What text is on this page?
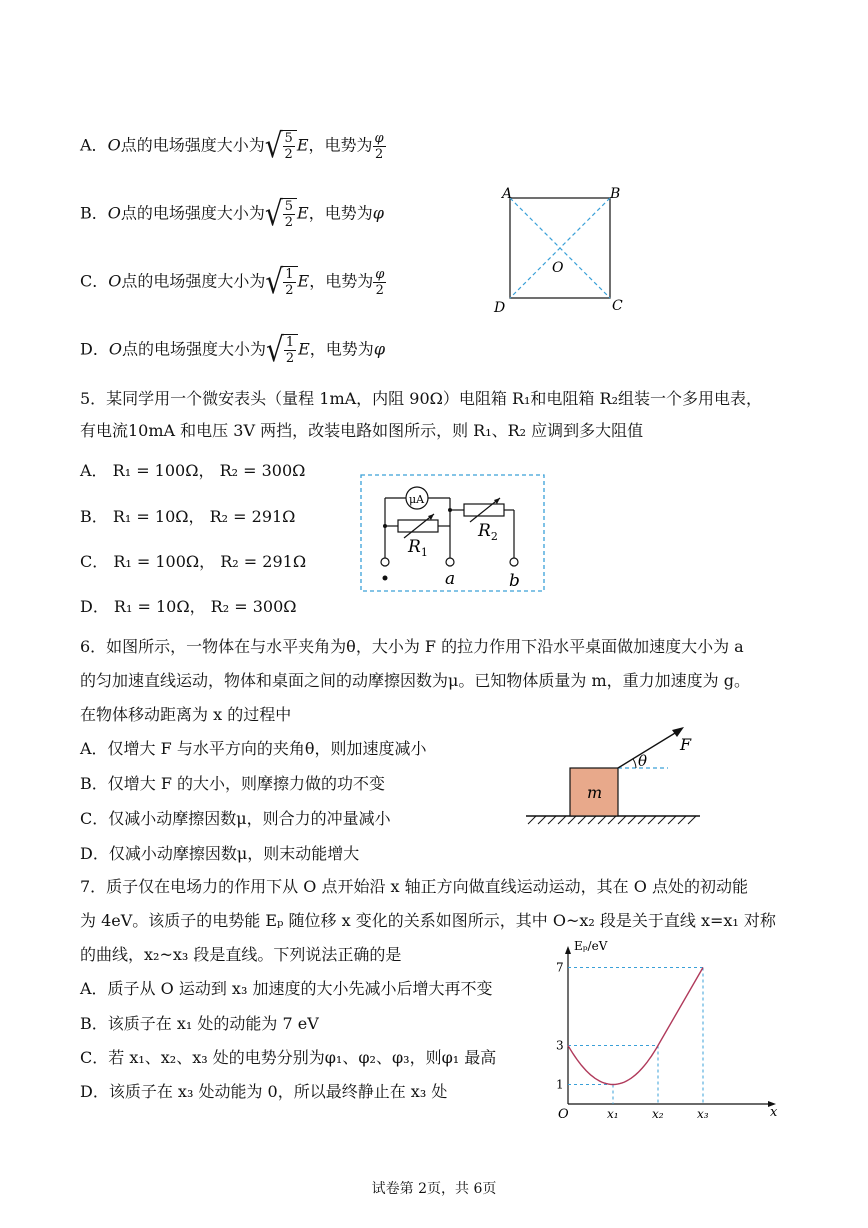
A．O点的电场强度大小为√
$\frac{5}{2}$ E，电势为 $\frac{\varphi}{2}$
B．O点的电场强度大小为√
$\frac{5}{2}$ E，电势为φ
C．O点的电场强度大小为√
$\frac{1}{2}$ E，电势为 $\frac{\varphi}{2}$
D．O点的电场强度大小为√
$\frac{1}{2}$ E，电势为φ
A	B
C
D
O
5．某同学用一个微安表头（量程 1mA，内阻 90Ω）电阻箱 R₁和电阻箱 R₂组装一个多用电表，
有电流10mA 和电压 3V 两挡，改装电路如图所示，则 R₁、R₂ 应调到多大阻值
A． R₁ = 100Ω， R₂ = 300Ω
B． R₁ = 10Ω， R₂ = 291Ω
C． R₁ = 100Ω， R₂ = 291Ω
D． R₁ = 10Ω， R₂ = 300Ω
μA
$R_1$
$R_2$
a	b
6．如图所示，一物体在与水平夹角为θ，大小为 F 的拉力作用下沿水平桌面做加速度大小为 a
的匀加速直线运动，物体和桌面之间的动摩擦因数为μ。已知物体质量为 m，重力加速度为 g。
在物体移动距离为 x 的过程中
A．仅增大 F 与水平方向的夹角θ，则加速度减小
B．仅增大 F 的大小，则摩擦力做的功不变
C．仅减小动摩擦因数μ，则合力的冲量减小
D．仅减小动摩擦因数μ，则末动能增大
m
θ
F
7．质子仅在电场力的作用下从 O 点开始沿 x 轴正方向做直线运动运动，其在 O 点处的初动能
为 4eV。该质子的电势能 Eₚ 随位移 x 变化的关系如图所示，其中 O~x₂ 段是关于直线 x=x₁ 对称
的曲线，x₂~x₃ 段是直线。下列说法正确的是
A．质子从 O 运动到 x₃ 加速度的大小先减小后增大再不变
B．该质子在 x₁ 处的动能为 7 eV
C．若 x₁、x₂、x₃ 处的电势分别为φ₁、φ₂、φ₃，则φ₁ 最高
D．该质子在 x₃ 处动能为 0，所以最终静止在 x₃ 处
Eₚ/eV
x
O
1
3
7
x₁	x₂	x₃
试卷第 2页，共 6页
